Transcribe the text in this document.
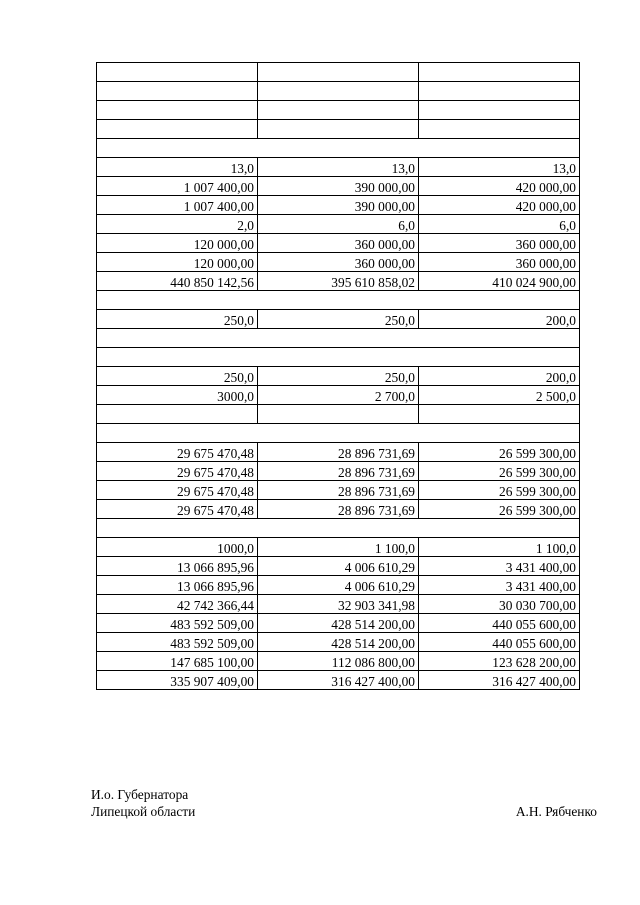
13,0	13,0	13,0
1 007 400,00	390 000,00	420 000,00
1 007 400,00	390 000,00	420 000,00
2,0	6,0	6,0
120 000,00	360 000,00	360 000,00
120 000,00	360 000,00	360 000,00
440 850 142,56	395 610 858,02	410 024 900,00

250,0	250,0	200,0

250,0	250,0	200,0
3000,0	2 700,0	2 500,0

29 675 470,48	28 896 731,69	26 599 300,00
29 675 470,48	28 896 731,69	26 599 300,00
29 675 470,48	28 896 731,69	26 599 300,00
29 675 470,48	28 896 731,69	26 599 300,00

1000,0	1 100,0	1 100,0
13 066 895,96	4 006 610,29	3 431 400,00
13 066 895,96	4 006 610,29	3 431 400,00
42 742 366,44	32 903 341,98	30 030 700,00
483 592 509,00	428 514 200,00	440 055 600,00
483 592 509,00	428 514 200,00	440 055 600,00
147 685 100,00	112 086 800,00	123 628 200,00
335 907 409,00	316 427 400,00	316 427 400,00
И.о. Губернатора
Липецкой области	А.Н. Рябченко
